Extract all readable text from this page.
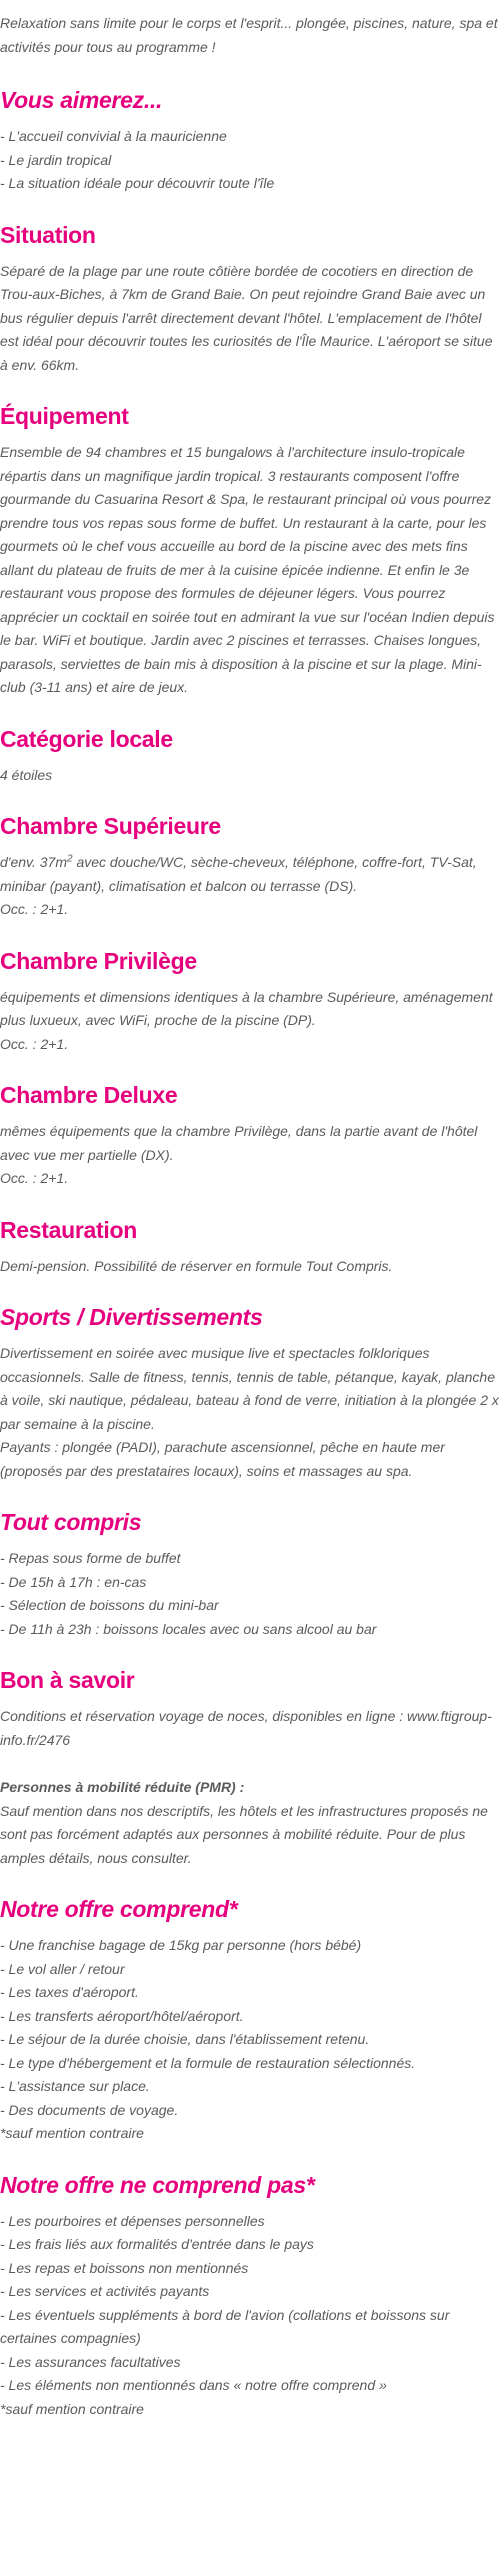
Relaxation sans limite pour le corps et l'esprit... plongée, piscines, nature, spa et activités pour tous au programme !

Vous aimerez...
- L'accueil convivial à la mauricienne
- Le jardin tropical
- La situation idéale pour découvrir toute l'île
Situation

Séparé de la plage par une route côtière bordée de cocotiers en direction de Trou-aux-Biches, à 7km de Grand Baie. On peut rejoindre Grand Baie avec un bus régulier depuis l'arrêt directement devant l'hôtel. L'emplacement de l'hôtel est idéal pour découvrir toutes les curiosités de l'Île Maurice. L'aéroport se situe à env. 66km.

Équipement

Ensemble de 94 chambres et 15 bungalows à l'architecture insulo-tropicale répartis dans un magnifique jardin tropical. 3 restaurants composent l'offre gourmande du Casuarina Resort & Spa, le restaurant principal où vous pourrez prendre tous vos repas sous forme de buffet. Un restaurant à la carte, pour les gourmets où le chef vous accueille au bord de la piscine avec des mets fins allant du plateau de fruits de mer à la cuisine épicée indienne. Et enfin le 3e restaurant vous propose des formules de déjeuner légers. Vous pourrez apprécier un cocktail en soirée tout en admirant la vue sur l'océan Indien depuis le bar. WiFi et boutique. Jardin avec 2 piscines et terrasses. Chaises longues, parasols, serviettes de bain mis à disposition à la piscine et sur la plage. Mini-club (3-11 ans) et aire de jeux.

Catégorie locale

4 étoiles

Chambre Supérieure

d'env. $37m^2$ avec douche/WC, sèche-cheveux, téléphone, coffre-fort, TV-Sat, minibar (payant), climatisation et balcon ou terrasse (DS).

Occ. : 2+1.

Chambre Privilège

équipements et dimensions identiques à la chambre Supérieure, aménagement plus luxueux, avec WiFi, proche de la piscine (DP).

Occ. : 2+1.

Chambre Deluxe

mêmes équipements que la chambre Privilège, dans la partie avant de l'hôtel avec vue mer partielle (DX).

Occ. : 2+1.

Restauration

Demi-pension. Possibilité de réserver en formule Tout Compris.

Sports / Divertissements

Divertissement en soirée avec musique live et spectacles folkloriques occasionnels. Salle de fitness, tennis, tennis de table, pétanque, kayak, planche à voile, ski nautique, pédaleau, bateau à fond de verre, initiation à la plongée 2 x par semaine à la piscine.

Payants : plongée (PADI), parachute ascensionnel, pêche en haute mer (proposés par des prestataires locaux), soins et massages au spa.

Tout compris
- Repas sous forme de buffet
- De 15h à 17h : en-cas
- Sélection de boissons du mini-bar
- De 11h à 23h : boissons locales avec ou sans alcool au bar
Bon à savoir

Conditions et réservation voyage de noces, disponibles en ligne : www.ftigroup-info.fr/2476

Personnes à mobilité réduite (PMR) :

Sauf mention dans nos descriptifs, les hôtels et les infrastructures proposés ne sont pas forcément adaptés aux personnes à mobilité réduite. Pour de plus amples détails, nous consulter.

Notre offre comprend*
- Une franchise bagage de 15kg par personne (hors bébé)
- Le vol aller / retour
- Les taxes d'aéroport.
- Les transferts aéroport/hôtel/aéroport.
- Le séjour de la durée choisie, dans l'établissement retenu.
- Le type d'hébergement et la formule de restauration sélectionnés.
- L'assistance sur place.
- Des documents de voyage.

*sauf mention contraire

Notre offre ne comprend pas*
- Les pourboires et dépenses personnelles
- Les frais liés aux formalités d'entrée dans le pays
- Les repas et boissons non mentionnés
- Les services et activités payants
- Les éventuels suppléments à bord de l'avion (collations et boissons sur certaines compagnies)
- Les assurances facultatives
- Les éléments non mentionnés dans « notre offre comprend »

*sauf mention contraire
